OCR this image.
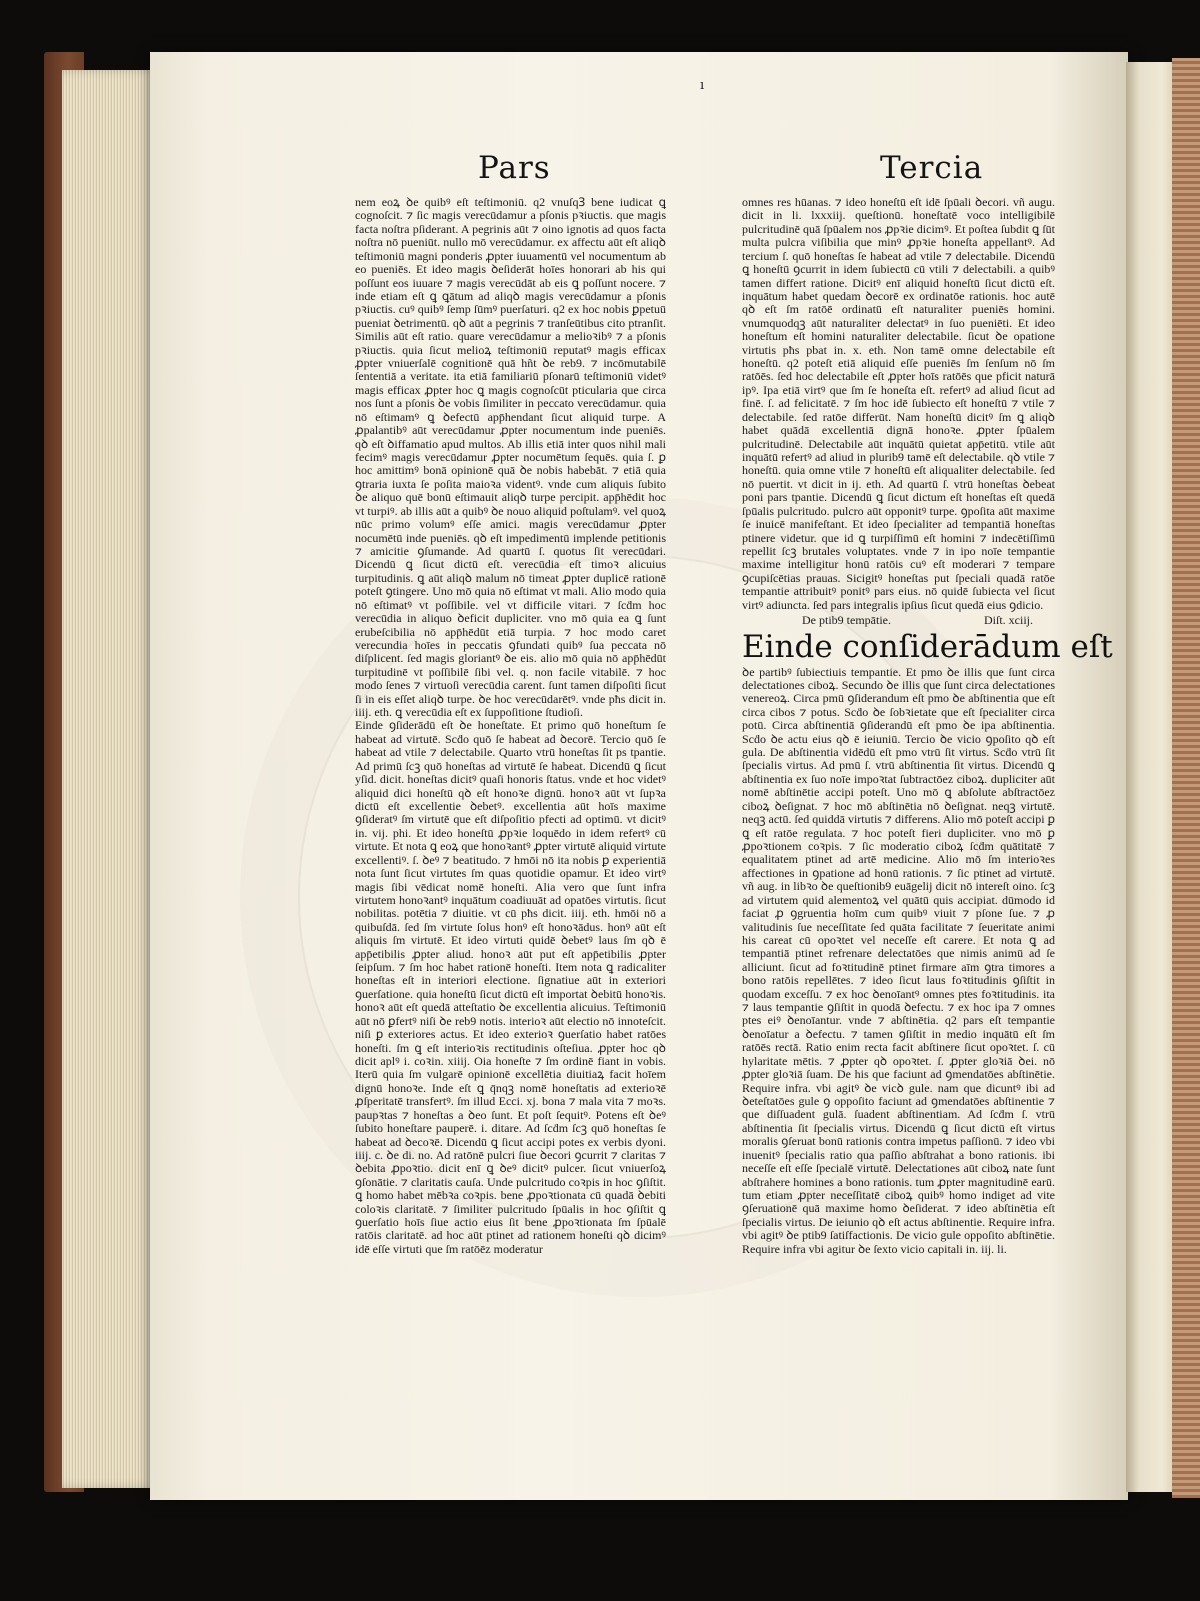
ı
Pars	Tercia

nem eoꝝ ꝺe quibꝰ eſt teſtimoniū. q2 vnuſqꝪ bene iudicat ꝗ cognoſcit. ⁊ ſic magis verecūdamur a pſonis pꝛiuctis. que magis facta noſtra pſiderant. A pegrinis aūt ⁊ oino ignotis ad quos facta noſtra nō pueniūt. nullo mō verecūdamur. ex affectu aūt eſt aliqꝺ teſtimoniū magni ponderis ꝓpter iuuamentū vel nocumentum ab eo pueniēs. Et ideo magis ꝺeſiderāt hoīes honorari ab his qui poſſunt eos iuuare ⁊ magis verecūdāt ab eis ꝗ poſſunt nocere. ⁊ inde etiam eſt ꝗ ꝗātum ad aliqꝺ magis verecūdamur a pſonis pꝛiuctis. cuꝰ quibꝰ ſemp ſūmꝰ puerſaturi. q2 ex hoc nobis ꝑpetuū pueniat ꝺetrimentū. qꝺ aūt a pegrinis ⁊ tranſeūtibus cito ptranſit. Similis aūt eſt ratio. quare verecūdamur a melioꝛibꝰ ⁊ a pſonis pꝛiuctis. quia ſicut melioꝝ teſtimoniū reputatꝰ magis efficax ꝓpter vniuerſalē cognitionē quā hñt ꝺe reb9. ⁊ incōmutabilē ſententiā a veritate. ita etiā familiariū pſonarū teſtimoniū videtꝰ magis efficax ꝓpter hoc ꝗ magis cognoſcūt pticularia que circa nos ſunt a pſonis ꝺe vobis ſimiliter in peccato verecūdamur. quia nō eſtimamꝰ ꝗ ꝺefectū app̄hendant ſicut aliquid turpe. A ꝓpalantibꝰ aūt verecūdamur ꝓpter nocumentum inde pueniēs. qꝺ eſt ꝺiffamatio apud multos. Ab illis etiā inter quos nihil mali fecimꝰ magis verecūdamur ꝓpter nocumētum ſequēs. quia ſ. ꝑ hoc amittimꝰ bonā opinionē quā ꝺe nobis habebāt. ⁊ etiā quia ꝯtraria iuxta ſe poſita maioꝛa videntꝰ. vnde cum aliquis ſubito ꝺe aliquo quē bonū eſtimauit aliqꝺ turpe percipit. app̄hēdit hoc vt turpiꝰ. ab illis aūt a quibꝰ ꝺe nouo aliquid poſtulamꝰ. vel quoꝝ nūc primo volumꝰ eſſe amici. magis verecūdamur ꝓpter nocumētū inde pueniēs. qꝺ eſt impedimentū implende petitionis ⁊ amicitie ꝯſumande. Ad quartū ſ. quotus ſit verecūdari. Dicendū ꝗ ſicut dictū eſt. verecūdia eſt timoꝛ alicuius turpitudinis. ꝗ aūt aliqꝺ malum nō timeat ꝓpter duplicē rationē poteſt ꝯtingere. Uno mō quia nō eſtimat vt mali. Alio modo quia nō eſtimatꝰ vt poſſibile. vel vt difficile vitari. ⁊ ſcḋm hoc verecūdia in aliquo ꝺeficit dupliciter. vno mō quia ea ꝗ ſunt erubeſcibilia nō app̄hēdūt etiā turpia. ⁊ hoc modo caret verecundia hoīes in peccatis ꝯfundati quibꝰ ſua peccata nō diſplicent. ſed magis gloriantꝰ ꝺe eis. alio mō quia nō app̄hēdūt turpitudinē vt poſſibilē ſibi vel. q. non facile vitabilē. ⁊ hoc modo ſenes ⁊ virtuoſi verecūdia carent. ſunt tamen diſpoſiti ſicut ſi in eis eſſet aliqꝺ turpe. ꝺe hoc verecūdarētꝰ. vnde pħs dicit in. iiij. eth. ꝗ verecūdia eſt ex ſuppoſitione ſtudioſi.

Einde ꝯſiderādū eſt ꝺe honeſtate. Et primo quō honeſtum ſe habeat ad virtutē. Scḋo quō ſe habeat ad ꝺecorē. Tercio quō ſe habeat ad vtile ⁊ delectabile. Quarto vtrū honeſtas ſit ps tpantie. Ad primū ſcꝫ quō honeſtas ad virtutē ſe habeat. Dicendū ꝗ ſicut yſid. dicit. honeſtas dicitꝰ quaſi honoris ſtatus. vnde et hoc videtꝰ aliquid dici honeſtū qꝺ eſt honoꝛe dignū. honoꝛ aūt vt ſupꝛa dictū eſt excellentie ꝺebetꝰ. excellentia aūt hoīs maxime ꝯſideratꝰ ſm virtutē que eſt diſpoſitio pfecti ad optimū. vt dicitꝰ in. vij. phi. Et ideo honeſtū ꝓpꝛie loquēdo in idem refertꝰ cū virtute. Et nota ꝗ eoꝝ que honoꝛantꝰ ꝓpter virtutē aliquid virtute excellentiꝰ. ſ. ꝺeꝰ ⁊ beatitudo. ⁊ hmōi nō ita nobis ꝑ experientiā nota ſunt ſicut virtutes ſm quas quotidie opamur. Et ideo virtꝰ magis ſibi vēdicat nomē honeſti. Alia vero que ſunt infra virtutem honoꝛantꝰ inquātum coadiuuāt ad opatōes virtutis. ſicut nobilitas. potētia ⁊ diuitie. vt cū pħs dicit. iiij. eth. hmōi nō a quibuſdā. ſed ſm virtute ſolus honꝰ eſt honoꝛādus. honꝰ aūt eſt aliquis ſm virtutē. Et ideo virtuti quidē ꝺebetꝰ laus ſm qꝺ ē app̄etibilis ꝓpter aliud. honoꝛ aūt put eſt app̄etibilis ꝓpter ſeipſum. ⁊ ſm hoc habet rationē honeſti. Item nota ꝗ radicaliter honeſtas eſt in interiori electione. ſignatiue aūt in exteriori ꝯuerſatione. quia honeſtū ſicut dictū eſt importat ꝺebitū honoꝛis. honoꝛ aūt eſt quedā atteſtatio ꝺe excellentia alicuius. Teſtimoniū aūt nō ꝑfertꝰ niſi ꝺe reb9 notis. interioꝛ aūt electio nō innoteſcit. niſi ꝑ exteriores actus. Et ideo exterioꝛ ꝯuerſatio habet ratōes honeſti. ſm ꝗ eſt interioꝛis rectitudinis oſteſiua. ꝓpter hoc qꝺ dicit aplꝰ i. coꝛin. xiiij. Oia honeſte ⁊ ſm ordinē fiant in vobis. Iterū quia ſm vulgarē opinionē excellētia diuitiaꝝ facit hoīem dignū honoꝛe. Inde eſt ꝗ q̄nqꝫ nomē honeſtatis ad exterioꝛē ꝓſperitatē transfertꝰ. ſm illud Ecci. xj. bona ⁊ mala vita ⁊ moꝛs. paupꝛtas ⁊ honeſtas a ꝺeo ſunt. Et poſt ſequitꝰ. Potens eſt ꝺeꝰ ſubito honeſtare pauperē. i. ditare. Ad ſcḋm ſcꝫ quō honeſtas ſe habeat ad ꝺecoꝛē. Dicendū ꝗ ſicut accipi potes ex verbis dyoni. iiij. c. ꝺe di. no. Ad ratōnē pulcri ſiue ꝺecori ꝯcurrit ⁊ claritas ⁊ ꝺebita ꝓpoꝛtio. dicit enī ꝗ ꝺeꝰ dicitꝰ pulcer. ſicut vniuerſoꝝ ꝯſonātie. ⁊ claritatis cauſa. Unde pulcritudo coꝛpis in hoc ꝯſiſtit. ꝗ homo habet mēbꝛa coꝛpis. bene ꝓpoꝛtionata cū quadā ꝺebiti coloꝛis claritatē. ⁊ ſimiliter pulcritudo ſpūalis in hoc ꝯſiſtit ꝗ ꝯuerſatio hoīs ſiue actio eius ſit bene ꝓpoꝛtionata ſm ſpūalē ratōis claritatē. ad hoc aūt ptinet ad rationem honeſti qꝺ dicimꝰ idē eſſe virtuti que ſm ratōēz moderatur

omnes res hūanas. ⁊ ideo honeſtū eſt idē ſpūali ꝺecori. vñ augu. dicit in li. lxxxiij. queſtionū. honeſtatē voco intelligibilē pulcritudinē quā ſpūalem nos ꝓpꝛie dicimꝰ. Et poſtea ſubdit ꝗ ſūt multa pulcra viſibilia que minꝰ ꝓpꝛie honeſta appellantꝰ. Ad tercium ſ. quō honeſtas ſe habeat ad vtile ⁊ delectabile. Dicendū ꝗ honeſtū ꝯcurrit in idem ſubiectū cū vtili ⁊ delectabili. a quibꝰ tamen differt ratione. Dicitꝰ enī aliquid honeſtū ſicut dictū eſt. inquātum habet quedam ꝺecorē ex ordinatōe rationis. hoc autē qꝺ eſt ſm ratōē ordinatū eſt naturaliter pueniēs homini. vnumquodqꝫ aūt naturaliter delectatꝰ in ſuo pueniēti. Et ideo honeſtum eſt homini naturaliter delectabile. ſicut ꝺe opatione virtutis pħs pbat in. x. eth. Non tamē omne delectabile eſt honeſtū. q2 poteſt etiā aliquid eſſe pueniēs ſm ſenſum nō ſm ratōēs. ſed hoc delectabile eſt ꝓpter hoīs ratōēs que pficit naturā ipꝰ. Ipa etiā virtꝰ que ſm ſe honeſta eſt. refertꝰ ad aliud ſicut ad finē. ſ. ad felicitatē. ⁊ ſm hoc idē ſubiecto eſt honeſtū ⁊ vtile ⁊ delectabile. ſed ratōe differūt. Nam honeſtū dicitꝰ ſm ꝗ aliqꝺ habet quādā excellentiā dignā honoꝛe. ꝓpter ſpūalem pulcritudinē. Delectabile aūt inquātū quietat app̄etitū. vtile aūt inquātū refertꝰ ad aliud in plurib9 tamē eſt delectabile. qꝺ vtile ⁊ honeſtū. quia omne vtile ⁊ honeſtū eſt aliqualiter delectabile. ſed nō puertit. vt dicit in ij. eth. Ad quartū ſ. vtrū honeſtas ꝺebeat poni pars tpantie. Dicendū ꝗ ſicut dictum eſt honeſtas eſt quedā ſpūalis pulcritudo. pulcro aūt opponitꝰ turpe. ꝯpoſita aūt maxime ſe inuicē manifeſtant. Et ideo ſpecialiter ad tempantiā honeſtas ptinere videtur. que id ꝗ turpiſſimū eſt homini ⁊ indecētiſſimū repellit ſcꝫ brutales voluptates. vnde ⁊ in ipo noīe tempantie maxime intelligitur honū ratōis cuꝰ eſt moderari ⁊ tempare ꝯcupiſcētias prauas. Sicigitꝰ honeſtas put ſpeciali quadā ratōe tempantie attribuitꝰ ponitꝰ pars eius. nō quidē ſubiecta vel ſicut virtꝰ adiuncta. ſed pars integralis ipſius ſicut quedā eius ꝯdicio.

De ptib9 tempātie.	Diſt. xciij.
Einde conſiderādum eſt

ꝺe partibꝰ ſubiectiuis tempantie. Et pmo ꝺe illis que ſunt circa delectationes ciboꝝ. Secundo ꝺe illis que ſunt circa delectationes venereoꝝ. Circa pmū ꝯſiderandum eſt pmo ꝺe abſtinentia que eſt circa cibos ⁊ potus. Scḋo ꝺe ſobꝛietate que eſt ſpecialiter circa potū. Circa abſtinentiā ꝯſiderandū eſt pmo ꝺe ipa abſtinentia. Scḋo ꝺe actu eius qꝺ ē ieiuniū. Tercio ꝺe vicio ꝯpoſito qꝺ eſt gula. De abſtinentia vidēdū eſt pmo vtrū ſit virtus. Scḋo vtrū ſit ſpecialis virtus. Ad pmū ſ. vtrū abſtinentia ſit virtus. Dicendū ꝗ abſtinentia ex ſuo noīe impoꝛtat ſubtractōez ciboꝝ. dupliciter aūt nomē abſtinētie accipi poteſt. Uno mō ꝗ abſolute abſtractōez ciboꝝ ꝺeſignat. ⁊ hoc mō abſtinētia nō ꝺeſignat. neqꝫ virtutē. neqꝫ actū. ſed quiddā virtutis ⁊ differens. Alio mō poteſt accipi ꝑ ꝗ eſt ratōe regulata. ⁊ hoc poteſt fieri dupliciter. vno mō ꝑ ꝓpoꝛtionem coꝛpis. ⁊ ſic moderatio ciboꝝ ſcḋm quātitatē ⁊ equalitatem ptinet ad artē medicine. Alio mō ſm interioꝛes affectiones in ꝯpatione ad honū rationis. ⁊ ſic ptinet ad virtutē. vñ aug. in libꝛo ꝺe queſtionib9 euāgelij dicit nō intereſt oino. ſcꝫ ad virtutem quid alementoꝝ vel quātū quis accipiat. dūmodo id faciat ꝓ ꝯgruentia hoīm cum quibꝰ viuit ⁊ pſone ſue. ⁊ ꝓ valitudinis ſue neceſſitate ſed quāta facilitate ⁊ ſeueritate animi his careat cū opoꝛtet vel neceſſe eſt carere. Et nota ꝗ ad tempantiā ptinet refrenare delectatōes que nimis animū ad ſe alliciunt. ſicut ad foꝛtitudinē ptinet firmare aīm ꝯtra timores a bono ratōis repellētes. ⁊ ideo ſicut laus foꝛtitudinis ꝯſiſtit in quodam exceſſu. ⁊ ex hoc ꝺenoīantꝰ omnes ptes foꝛtitudinis. ita ⁊ laus tempantie ꝯſiſtit in quodā ꝺefectu. ⁊ ex hoc ipa ⁊ omnes ptes eiꝰ ꝺenoīantur. vnde ⁊ abſtinētia. q2 pars eſt tempantie ꝺenoīatur a ꝺefectu. ⁊ tamen ꝯſiſtit in medio inquātū eſt ſm ratōēs rectā. Ratio enim recta facit abſtinere ſicut opoꝛtet. ſ. cū hylaritate mētis. ⁊ ꝓpter qꝺ opoꝛtet. ſ. ꝓpter gloꝛiā ꝺei. nō ꝓpter gloꝛiā ſuam. De his que faciunt ad ꝯmendatōes abſtinētie. Require infra. vbi agitꝰ ꝺe vicꝺ gule. nam que dicuntꝰ ibi ad ꝺeteſtatōes gule ꝯ oppoſito faciunt ad ꝯmendatōes abſtinentie ⁊ que diſſuadent gulā. ſuadent abſtinentiam. Ad ſcḋm ſ. vtrū abſtinentia ſit ſpecialis virtus. Dicendū ꝗ ſicut dictū eſt virtus moralis ꝯſeruat bonū rationis contra impetus paſſionū. ⁊ ideo vbi inuenitꝰ ſpecialis ratio qua paſſio abſtrahat a bono rationis. ibi neceſſe eſt eſſe ſpecialē virtutē. Delectationes aūt ciboꝝ nate ſunt abſtrahere homines a bono rationis. tum ꝓpter magnitudinē earū. tum etiam ꝓpter neceſſitatē ciboꝝ quibꝰ homo indiget ad vite ꝯſeruationē quā maxime homo ꝺeſiderat. ⁊ ideo abſtinētia eſt ſpecialis virtus. De ieiunio qꝺ eſt actus abſtinentie. Require infra. vbi agitꝰ ꝺe ptib9 ſatiſfactionis. De vicio gule oppoſito abſtinētie. Require infra vbi agitur ꝺe ſexto vicio capitali in. iij. li.
